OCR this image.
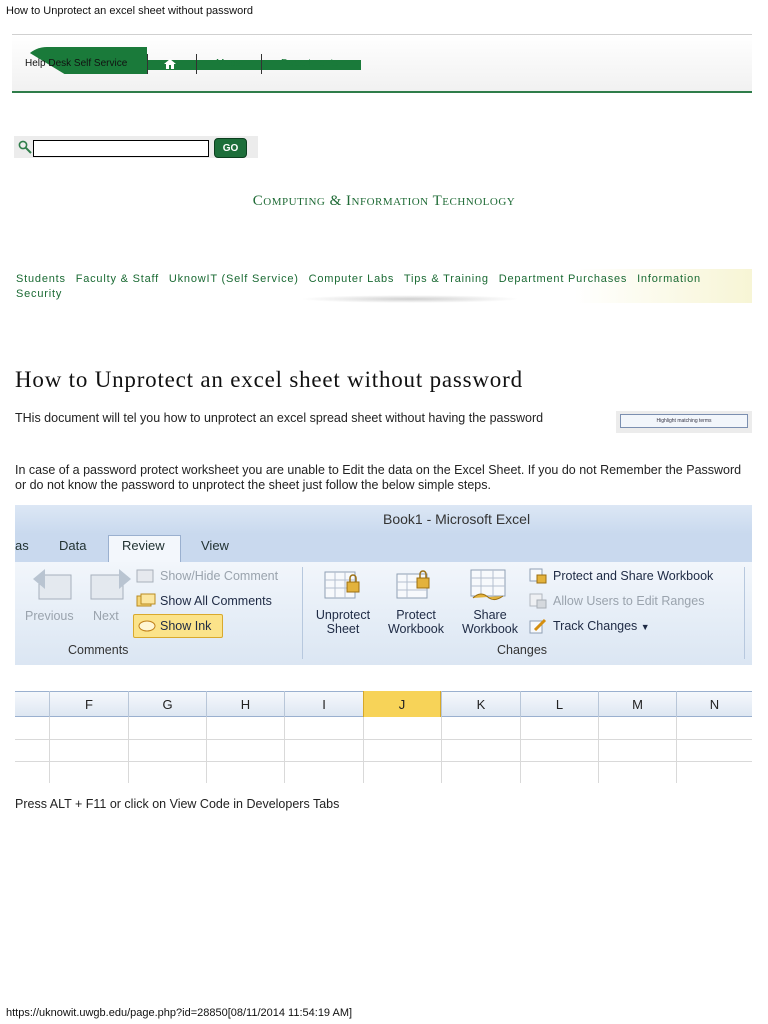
How to Unprotect an excel sheet without password
Help Desk Self Service	Maps	Departments
GO
Computing & Information Technology
Students Faculty & Staff UknowIT (Self Service) Computer Labs Tips & Training Department Purchases Information Security
How to Unprotect an excel sheet without password
THis document will tel you how to unprotect an excel spread sheet without having the password	Highlight matching terms
In case of a password protect worksheet you are unable to Edit the data on the Excel Sheet. If you do not Remember the Password or do not know the password to unprotect the sheet just follow the below simple steps.
Book1 - Microsoft Excel
as Data	Review	View
Previous Next
Show/Hide Comment
Show All Comments
Show Ink
Comments
Unprotect
Sheet
Protect
Workbook
Share
Workbook
Protect and Share Workbook
Allow Users to Edit Ranges
Track Changes ▼
Changes
F	G	H	I	J	K	L	M	N
Press ALT + F11 or click on View Code in Developers Tabs
https://uknowit.uwgb.edu/page.php?id=28850[08/11/2014 11:54:19 AM]
